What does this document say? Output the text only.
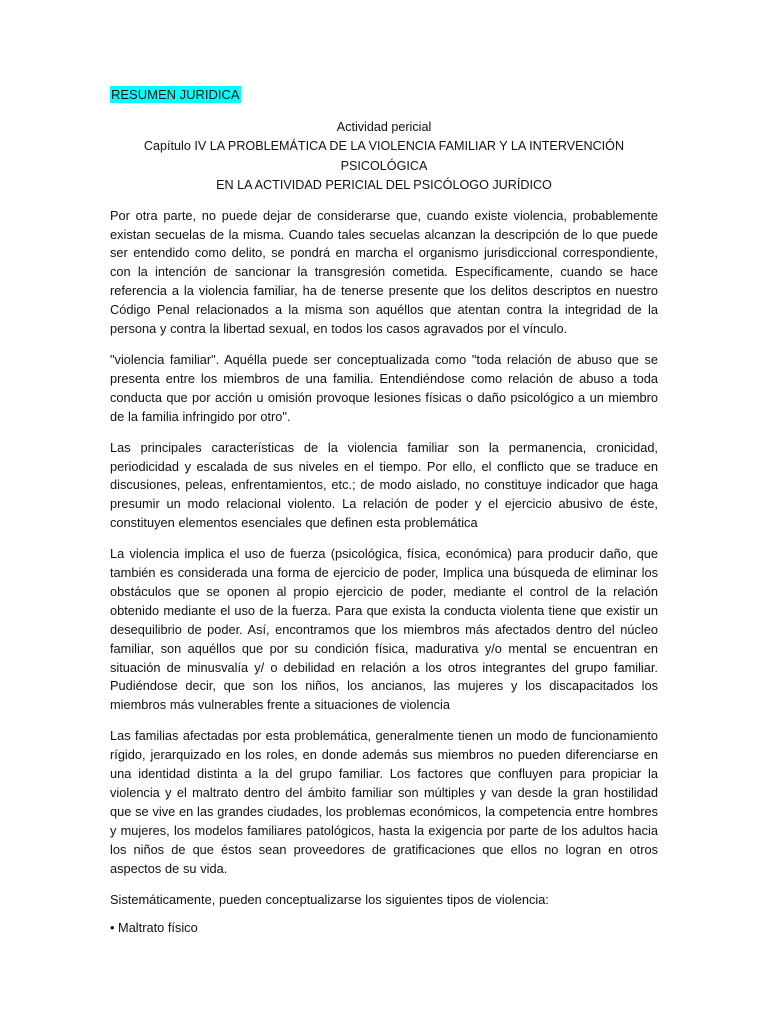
RESUMEN JURIDICA
Actividad pericial
Capítulo IV LA PROBLEMÁTICA DE LA VIOLENCIA FAMILIAR Y LA INTERVENCIÓN PSICOLÓGICA
EN LA ACTIVIDAD PERICIAL DEL PSICÓLOGO JURÍDICO

Por otra parte, no puede dejar de considerarse que, cuando existe violencia, probablemente existan secuelas de la misma. Cuando tales secuelas alcanzan la descripción de lo que puede ser entendido como delito, se pondrá en marcha el organismo jurisdiccional correspondiente, con la intención de sancionar la transgresión cometida. Específicamente, cuando se hace referencia a la violencia familiar, ha de tenerse presente que los delitos descriptos en nuestro Código Penal relacionados a la misma son aquéllos que atentan contra la integridad de la persona y contra la libertad sexual, en todos los casos agravados por el vínculo.

"violencia familiar". Aquélla puede ser conceptualizada como "toda relación de abuso que se presenta entre los miembros de una familia. Entendiéndose como relación de abuso a toda conducta que por acción u omisión provoque lesiones físicas o daño psicológico a un miembro de la familia infringido por otro".

Las principales características de la violencia familiar son la permanencia, cronicidad, periodicidad y escalada de sus niveles en el tiempo. Por ello, el conflicto que se traduce en discusiones, peleas, enfrentamientos, etc.; de modo aislado, no constituye indicador que haga presumir un modo relacional violento. La relación de poder y el ejercicio abusivo de éste, constituyen elementos esenciales que definen esta problemática

La violencia implica el uso de fuerza (psicológica, física, económica) para producir daño, que también es considerada una forma de ejercicio de poder, Implica una búsqueda de eliminar los obstáculos que se oponen al propio ejercicio de poder, mediante el control de la relación obtenido mediante el uso de la fuerza. Para que exista la conducta violenta tiene que existir un desequilibrio de poder. Así, encontramos que los miembros más afectados dentro del núcleo familiar, son aquéllos que por su condición física, madurativa y/o mental se encuentran en situación de minusvalía y/ o debilidad en relación a los otros integrantes del grupo familiar. Pudiéndose decir, que son los niños, los ancianos, las mujeres y los discapacitados los miembros más vulnerables frente a situaciones de violencia

Las familias afectadas por esta problemática, generalmente tienen un modo de funcionamiento rígido, jerarquizado en los roles, en donde además sus miembros no pueden diferenciarse en una identidad distinta a la del grupo familiar. Los factores que confluyen para propiciar la violencia y el maltrato dentro del ámbito familiar son múltiples y van desde la gran hostilidad que se vive en las grandes ciudades, los problemas económicos, la competencia entre hombres y mujeres, los modelos familiares patológicos, hasta la exigencia por parte de los adultos hacia los niños de que éstos sean proveedores de gratificaciones que ellos no logran en otros aspectos de su vida.

Sistemáticamente, pueden conceptualizarse los siguientes tipos de violencia:

• Maltrato físico
